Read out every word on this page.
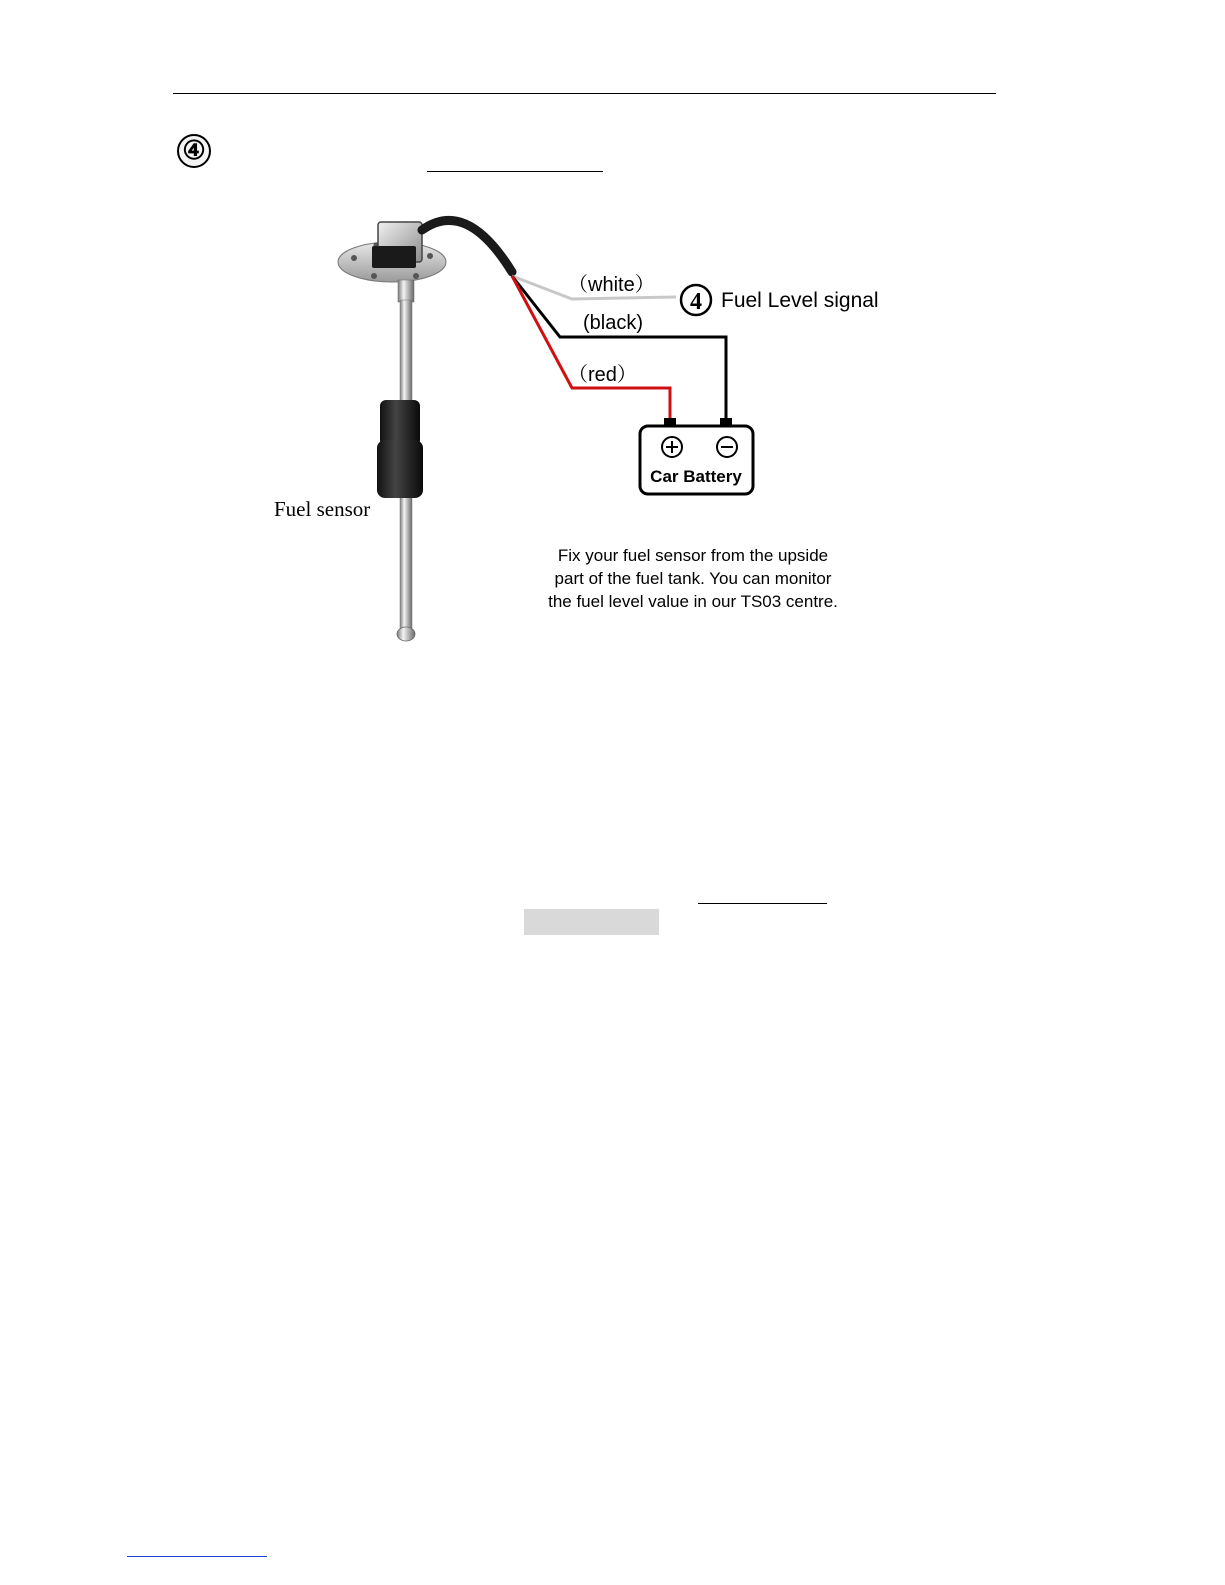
④
（white）
(black)
（red）
4 Fuel Level signal
Car Battery
Fuel sensor
Fix your fuel sensor from the upside
part of the fuel tank. You can monitor
the fuel level value in our TS03 centre.
